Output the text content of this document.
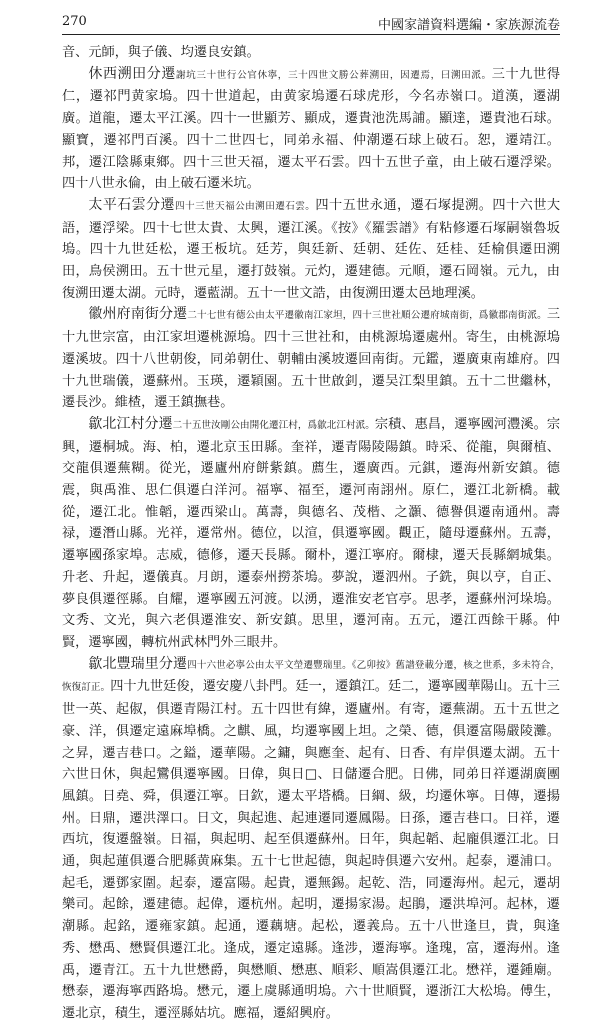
270	中國家譜資料選編・家族源流卷

音、元師，與子儀、均遷良安鎮。

休西溯田分遷謝坑三十世行公官休寧，三十四世文勝公葬溯田，因遷焉，曰溯田派。三十九世得仁，遷祁門黄家塢。四十世道起，由黄家塢遷石球虎形，今名赤嶺口。道漢，遷湖廣。道龍，遷太平江溪。四十一世顯芳、顯成，遷貴池洗馬誧。顯達，遷貴池石球。顯寶，遷祁門百溪。四十二世四七，同弟永福、仲潮遷石球上破石。恕，遷靖江。邦，遷江陰縣東鄉。四十三世天福，遷太平石雲。四十五世子童，由上破石遷浮梁。四十八世永倫，由上破石遷米坑。

太平石雲分遷四十三世天福公由溯田遷石雲。四十五世永通，遷石塚提溯。四十六世大語，遷浮梁。四十七世太貴、太興，遷江溪。《按》《羅雲譜》有粘修遷石塚嗣嶺魯坂塢。四十九世廷松，遷王板坑。廷芳，與廷新、廷朝、廷佐、廷桂、廷榆俱遷田溯田，鳥侯溯田。五十世元星，遷打鼓嶺。元灼，遷建德。元順，遷石岡嶺。元九，由復溯田遷太湖。元時，遷藍湖。五十一世文誥，由復溯田遷太邑地理溪。

徽州府南街分遷二十七世有德公由太平遷徽南江家坦，四十三世社順公遷府城南街，爲徽郡南街派。三十九世宗富，由江家坦遷桃源塢。四十三世社和，由桃源塢遷處州。寄生，由桃源塢遷溪坡。四十八世朝俊，同弟朝仕、朝輔由溪坡遷回南街。元鑑，遷廣東南雄府。四十九世瑞儀，遷蘇州。玉瑛，遷穎園。五十世啟釗，遷吴江梨里鎮。五十二世繼林，遷長沙。維楂，遷王鎮撫巷。

歙北江村分遷二十五世汝剛公由開化遷江村，爲歙北江村派。宗積、惠昌，遷寧國河灃溪。宗興，遷桐城。海、柏，遷北京玉田縣。奎祥，遷青陽陵陽鎮。時采、從龍，與爾植、交龍俱遷蕪糊。從光，遷廬州府餅紫鎮。薦生，遷廣西。元錤，遷海州新安鎮。德震，與禹淮、思仁俱遷白洋河。福寧、福至，遷河南詡州。原仁，遷江北新橋。載從，遷江北。惟韜，遷西梁山。萬壽，與德名、茂楷、之灝、德譽俱遷南通州。壽禄，遷潛山縣。光祥，遷常州。德位，以渲，俱遷寧國。觀正，隨母遷蘇州。五壽，遷寧國孫家埠。志威，德修，遷天長縣。爾朴，遷江寧府。爾棣，遷天長縣網城集。升老、升起，遷儀真。月朗，遷泰州撈茶塢。夢說，遷泗州。子銑，與以亨，自正、夢良俱遷徑縣。自耀，遷寧國五河渡。以湧，遷淮安老官亭。思孝，遷蘇州河垛塢。文秀、文光，與六老俱遷淮安、新安鎮。思里，遷河南。五元，遷江西餘干縣。仲賢，遷寧國，轉杭州武林門外三眼井。

歙北豐瑞里分遷四十六世必寧公由太平文塋遷豐瑞里。《乙卯按》舊譜登載分遷，核之世系，多未符合，恢復訂正。四十九世廷俊，遷安慶八卦門。廷一，遷鎮江。廷二，遷寧國華陽山。五十三世一英、起俶，俱遷青陽江村。五十四世有緯，遷廬州。有寄，遷蕪湖。五十五世之豪、洋，俱遷定遠麻埠橋。之麒、風，均遷寧國上坦。之榮、德，俱遷富陽嚴陵灘。之昇，遷吉巷口。之鎰，遷華陽。之鏞，與應奎、起有、日香、有岸俱遷太湖。五十六世日休，與起鸞俱遷寧國。日偉，與日□、日儲遷合肥。日佛，同弟日祥遷湖廣團風鎮。日堯、舜，俱遷江寧。日欽，遷太平塔橋。日綱、級，均遷休寧。日傳，遷揚州。日鼎，遷洪澤口。日文，與起進、起連遷同遷鳳陽。日孫，遷吉巷口。日祥，遷西坑，復遷盤嶺。日福，與起明、起至俱遷蘇州。日年，與起韜、起龐俱遷江北。日通，與起蓮俱遷合肥縣黄麻集。五十七世起德，與起時俱遷六安州。起泰，遷浦口。起毛，遷鄧家圍。起泰，遷富陽。起貴，遷無錫。起乾、浩，同遷海州。起元，遷胡樂司。起餘，遷建德。起偉，遷杭州。起明，遷揚家湯。起鵑，遷洪埠河。起林，遷潮縣。起銘，遷雍家鎮。起通，遷藕塘。起松，遷義烏。五十八世逢旦，貴，與逢秀、懋禹、懋賢俱遷江北。逢成，遷定遠縣。逢涉，遷海寧。逢瑰，富，遷海州。逢禹，遷青江。五十九世懋爵，與懋順、懋惠、順彩、順嵩俱遷江北。懋祥，遷鍾廟。懋泰，遷海寧西路塢。懋元，遷上虞縣通明塢。六十世順賢，遷浙江大松塢。傅生，遷北京，積生，遷涇縣姑坑。應福，遷紹興府。
